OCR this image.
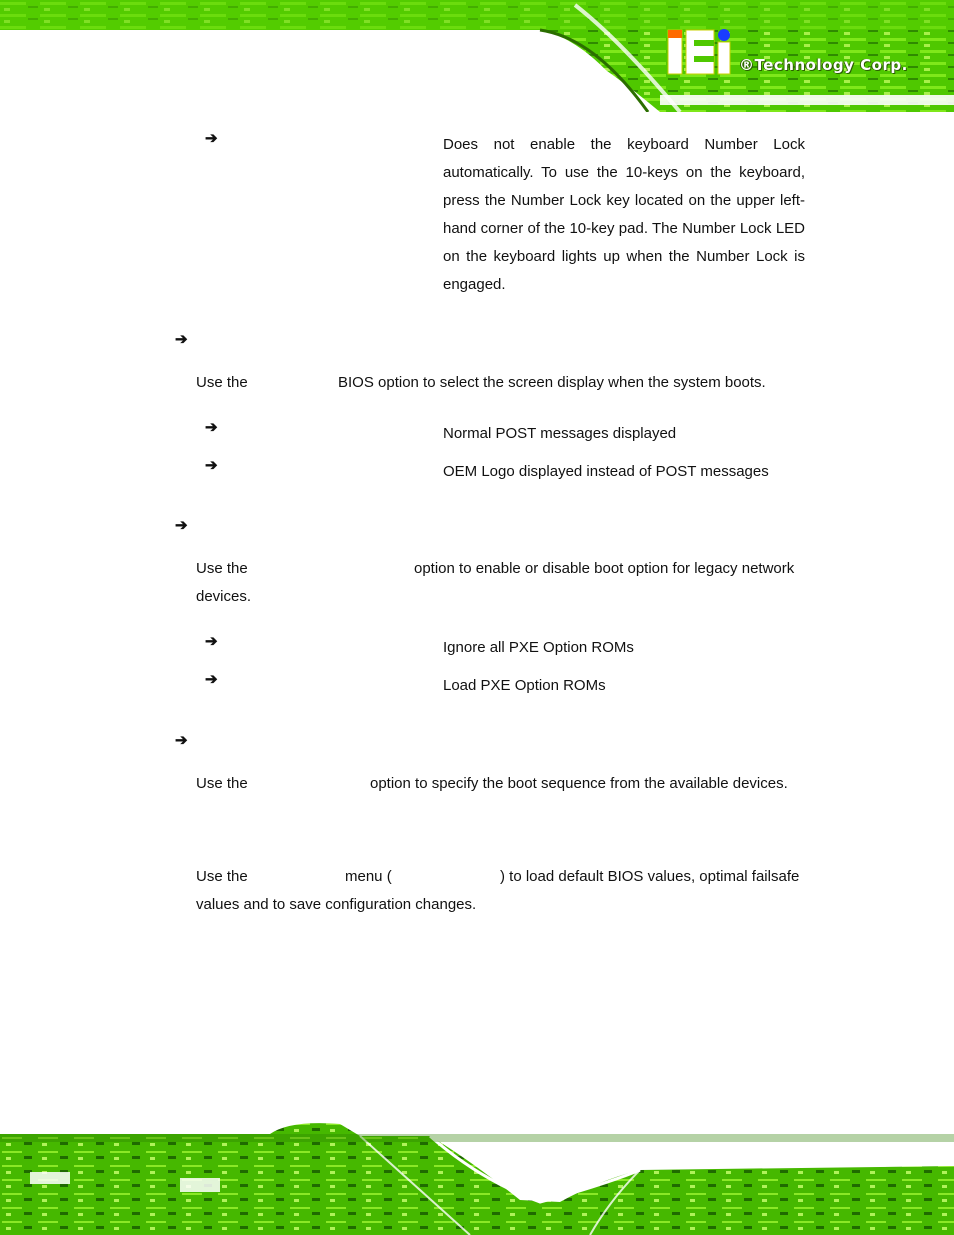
®Technology Corp.
➔	Does not enable the keyboard Number Lock automatically. To use the 10-keys on the keyboard, press the Number Lock key located on the upper left-hand corner of the 10-key pad. The Number Lock LED on the keyboard lights up when the Number Lock is engaged.
➔
Use the	BIOS option to select the screen display when the system boots.
➔	Normal POST messages displayed
➔	OEM Logo displayed instead of POST messages
➔
Use the	option to enable or disable boot option for legacy network
devices.
➔	Ignore all PXE Option ROMs
➔	Load PXE Option ROMs
➔
Use the	option to specify the boot sequence from the available devices.
Use the	menu (	) to load default BIOS values, optimal failsafe
values and to save configuration changes.
